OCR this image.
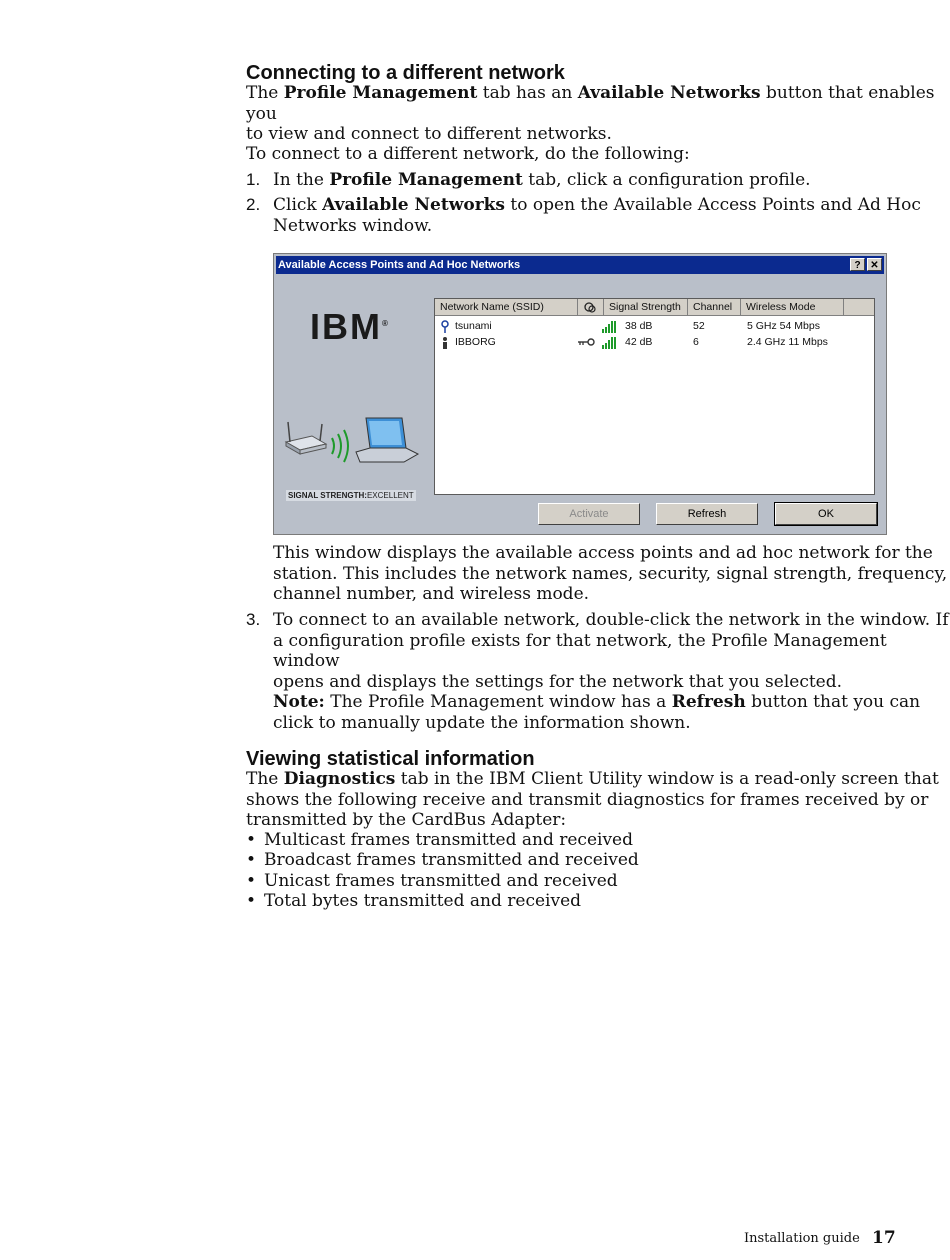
Connecting to a different network

The Profile Management tab has an Available Networks button that enables you
to view and connect to different networks.

To connect to a different network, do the following:

1. In the Profile Management tab, click a configuration profile.

2. Click Available Networks to open the Available Access Points and Ad Hoc
Networks window.

Available Access Points and Ad Hoc Networks	? ✕
IBM®
SIGNAL STRENGTH:EXCELLENT
Network Name (SSID)	Signal Strength	Channel	Wireless Mode
tsunami	38 dB	52	5 GHz 54 Mbps
IBBORG	42 dB	6	2.4 GHz 11 Mbps
Activate	Refresh	OK

This window displays the available access points and ad hoc network for the
station. This includes the network names, security, signal strength, frequency,
channel number, and wireless mode.

3. To connect to an available network, double-click the network in the window. If
a configuration profile exists for that network, the Profile Management window
opens and displays the settings for the network that you selected.

Note: The Profile Management window has a Refresh button that you can
click to manually update the information shown.

Viewing statistical information

The Diagnostics tab in the IBM Client Utility window is a read-only screen that
shows the following receive and transmit diagnostics for frames received by or
transmitted by the CardBus Adapter:

• Multicast frames transmitted and received
• Broadcast frames transmitted and received
• Unicast frames transmitted and received
• Total bytes transmitted and received
Installation guide 17
